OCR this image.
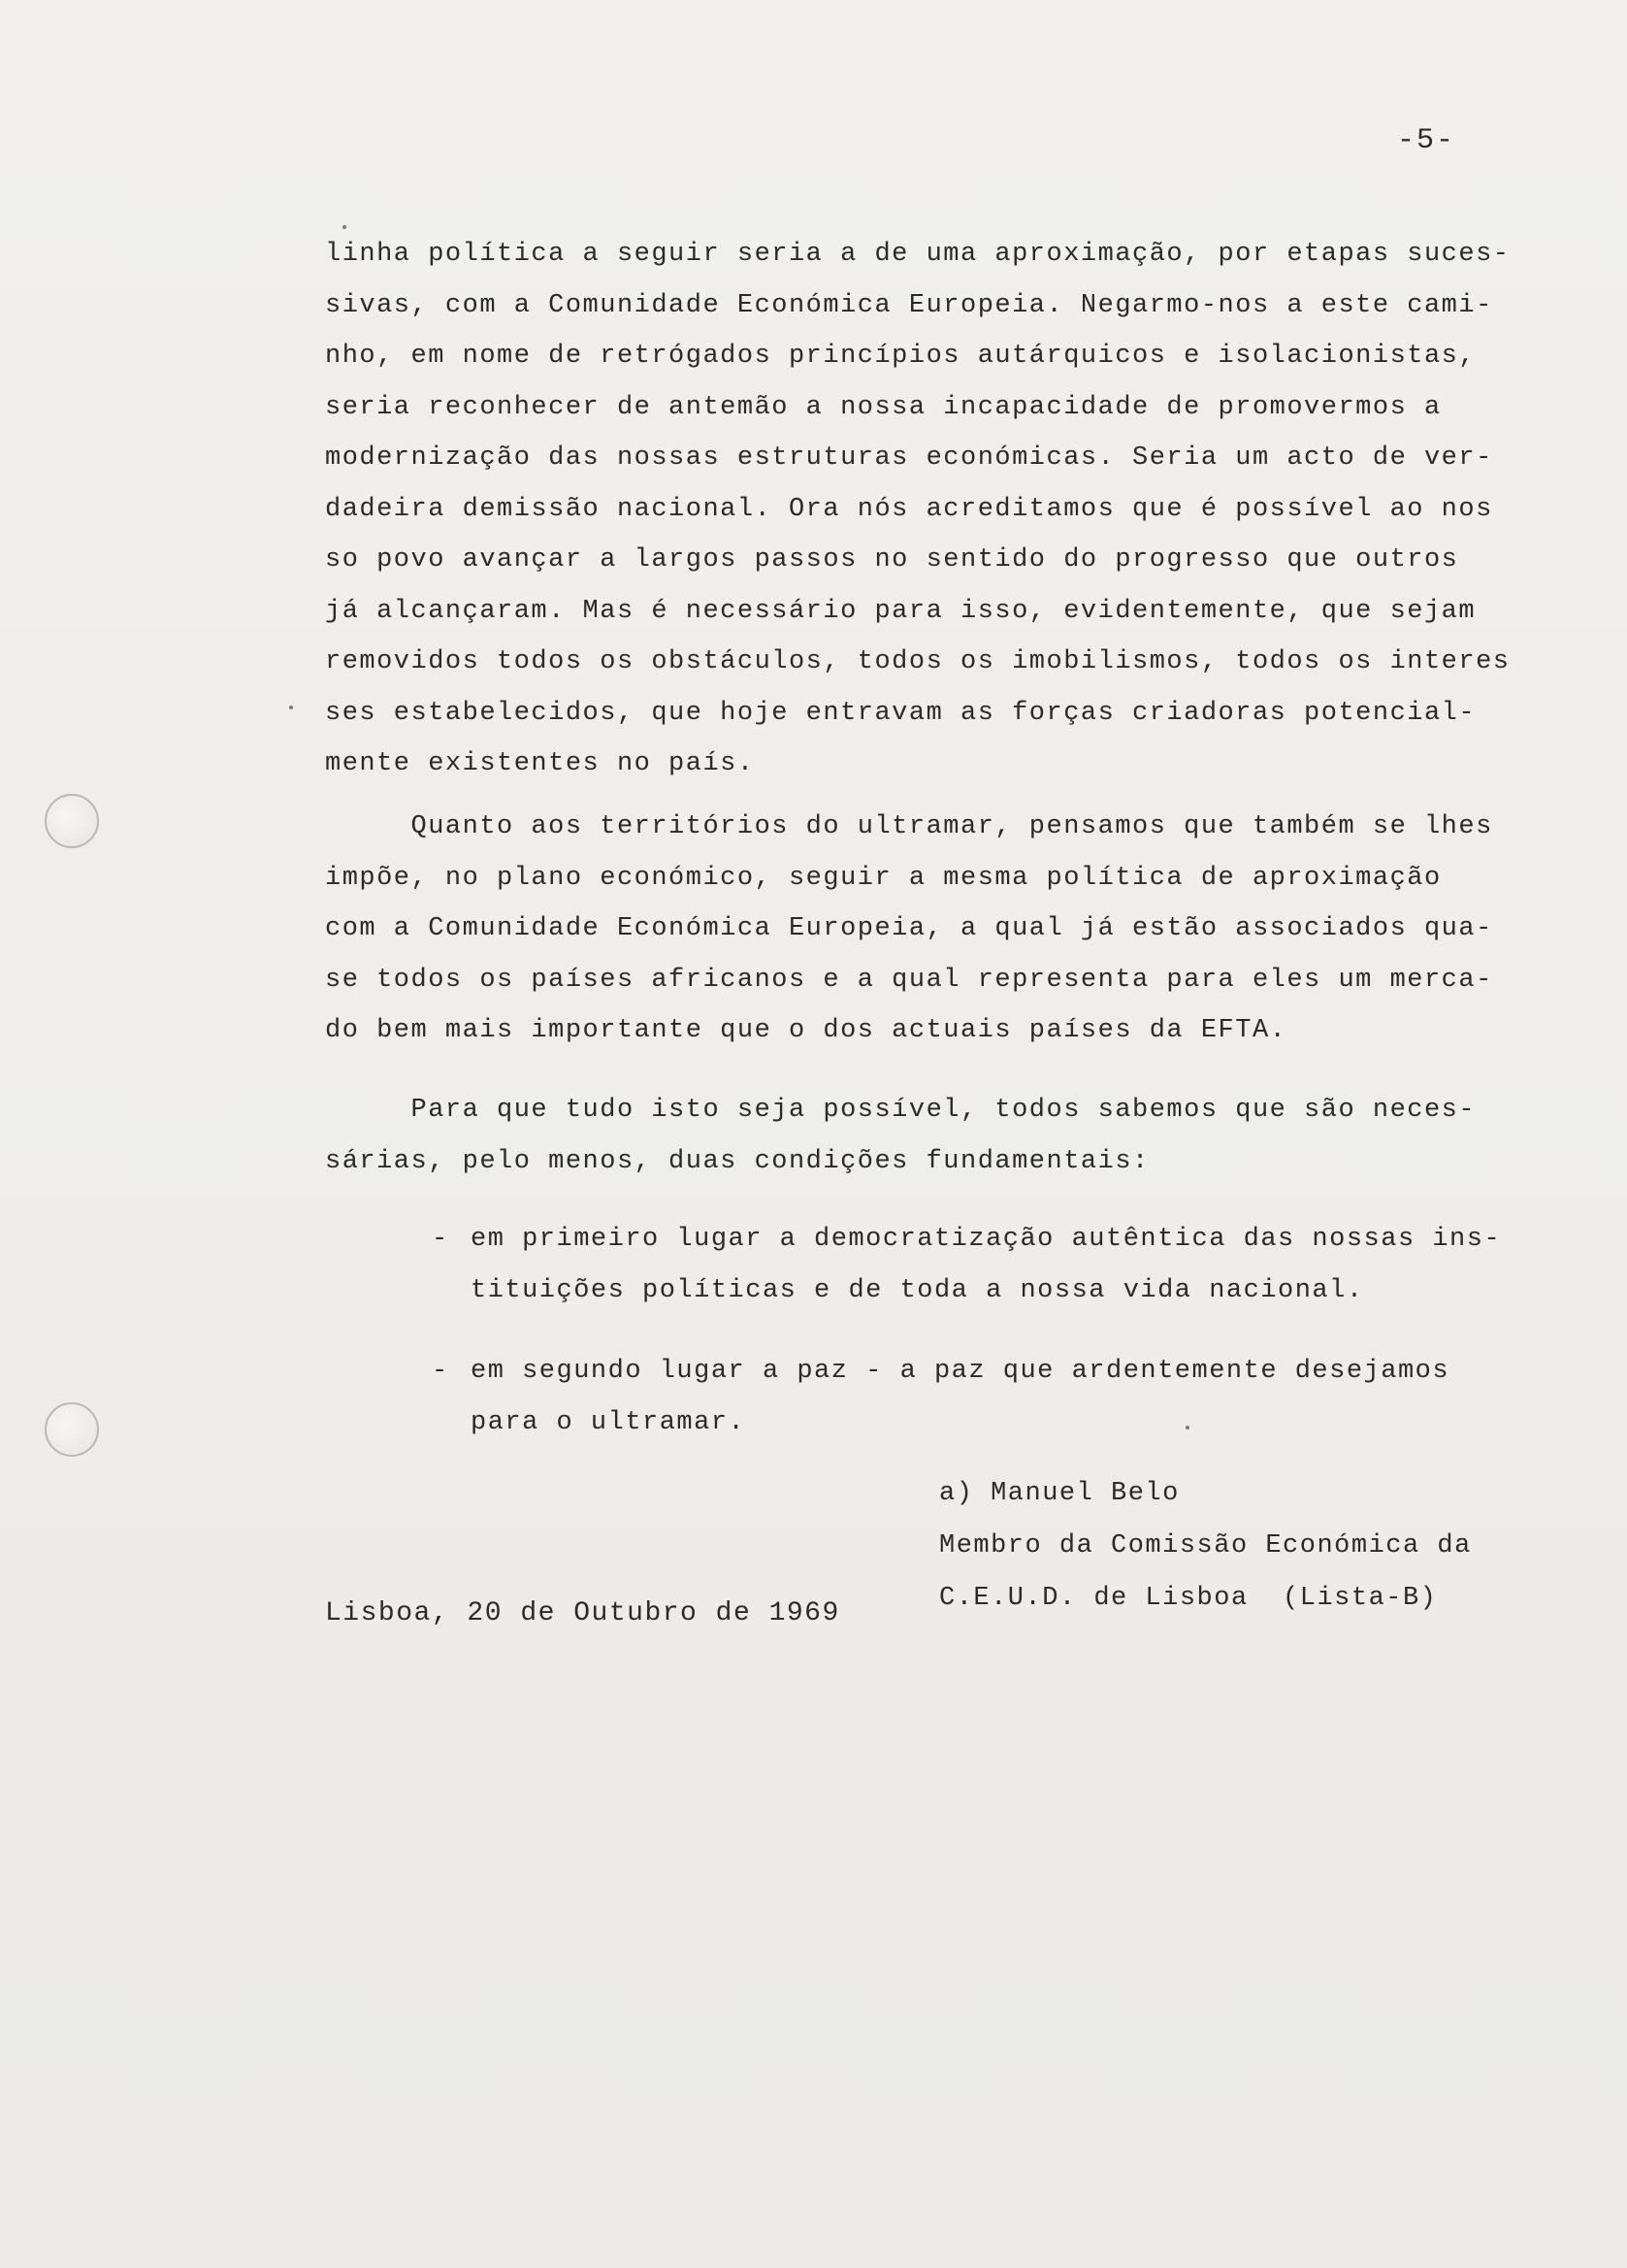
-5-
linha política a seguir seria a de uma aproximação, por etapas suces-
sivas, com a Comunidade Económica Europeia. Negarmo-nos a este cami-
nho, em nome de retrógados princípios autárquicos e isolacionistas,
seria reconhecer de antemão a nossa incapacidade de promovermos a
modernização das nossas estruturas económicas. Seria um acto de ver-
dadeira demissão nacional. Ora nós acreditamos que é possível ao nos
so povo avançar a largos passos no sentido do progresso que outros
já alcançaram. Mas é necessário para isso, evidentemente, que sejam
removidos todos os obstáculos, todos os imobilismos, todos os interes
ses estabelecidos, que hoje entravam as forças criadoras potencial-
mente existentes no país.
Quanto aos territórios do ultramar, pensamos que também se lhes
impõe, no plano económico, seguir a mesma política de aproximação
com a Comunidade Económica Europeia, a qual já estão associados qua-
se todos os países africanos e a qual representa para eles um merca-
do bem mais importante que o dos actuais países da EFTA.
Para que tudo isto seja possível, todos sabemos que são neces-
sárias, pelo menos, duas condições fundamentais:
- em primeiro lugar a democratização autêntica das nossas ins-
tituições políticas e de toda a nossa vida nacional.
- em segundo lugar a paz - a paz que ardentemente desejamos
para o ultramar.
a) Manuel Belo
Membro da Comissão Económica da
C.E.U.D. de Lisboa  (Lista-B)
Lisboa, 20 de Outubro de 1969
